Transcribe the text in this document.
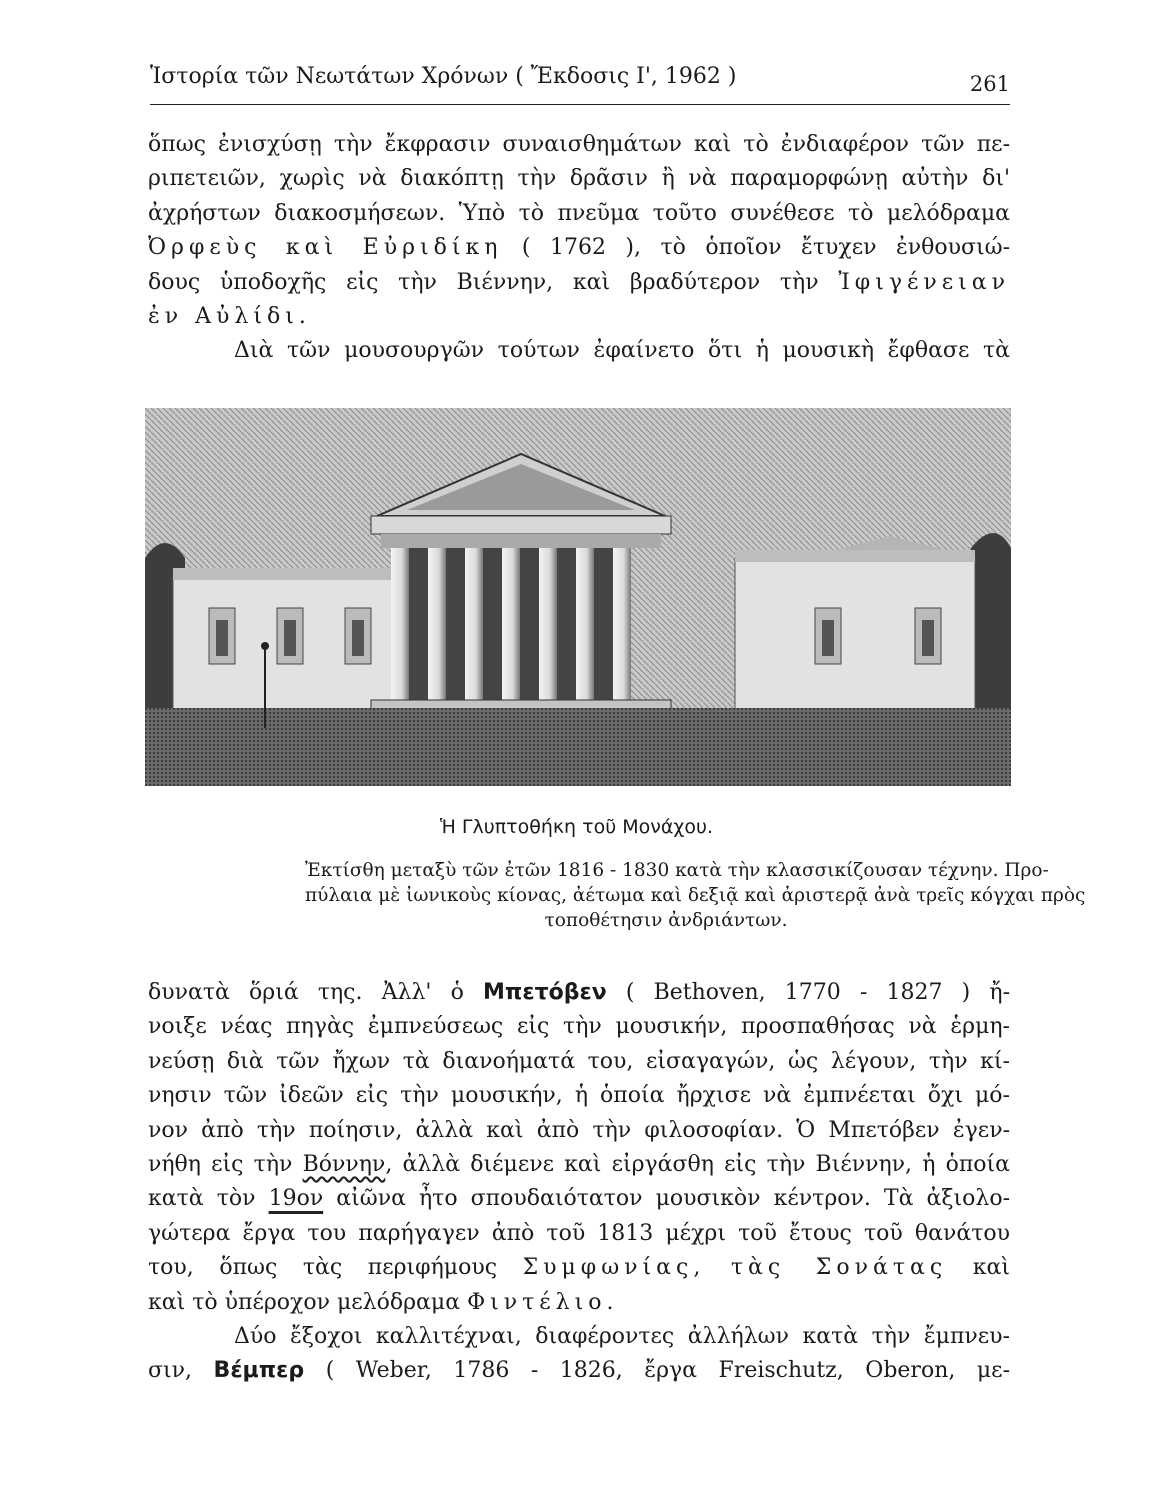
Ἱστορία τῶν Νεωτάτων Χρόνων ( Ἔκδοσις Ι', 1962 )	261
ὅπως ἐνισχύσῃ τὴν ἔκφρασιν συναισθημάτων καὶ τὸ ἐνδιαφέρον τῶν πε-
ριπετειῶν, χωρὶς νὰ διακόπτῃ τὴν δρᾶσιν ἢ νὰ παραμορφώνῃ αὐτὴν δι'
ἀχρήστων διακοσμήσεων. Ὑπὸ τὸ πνεῦμα τοῦτο συνέθεσε τὸ μελόδραμα
Ὀρφεὺς καὶ Εὐριδίκη ( 1762 ), τὸ ὁποῖον ἔτυχεν ἐνθουσιώ-
δους ὑποδοχῆς εἰς τὴν Βιέννην, καὶ βραδύτερον τὴν Ἰφιγένειαν
ἐν Αὐλίδι.
Διὰ τῶν μουσουργῶν τούτων ἐφαίνετο ὅτι ἡ μουσικὴ ἔφθασε τὰ
Ἡ Γλυπτοθήκη τοῦ Μονάχου.
Ἐκτίσθη μεταξὺ τῶν ἐτῶν 1816 - 1830 κατὰ τὴν κλασσικίζουσαν τέχνην. Προ-
πύλαια μὲ ἰωνικοὺς κίονας, ἀέτωμα καὶ δεξιᾷ καὶ ἀριστερᾷ ἀνὰ τρεῖς κόγχαι πρὸς
τοποθέτησιν ἀνδριάντων.
δυνατὰ ὅριά της. Ἀλλ' ὁ Μπετόβεν ( Bethoven, 1770 - 1827 ) ἤ-
νοιξε νέας πηγὰς ἐμπνεύσεως εἰς τὴν μουσικήν, προσπαθήσας νὰ ἑρμη-
νεύσῃ διὰ τῶν ἤχων τὰ διανοήματά του, εἰσαγαγών, ὡς λέγουν, τὴν κί-
νησιν τῶν ἰδεῶν εἰς τὴν μουσικήν, ἡ ὁποία ἤρχισε νὰ ἐμπνέεται ὄχι μό-
νον ἀπὸ τὴν ποίησιν, ἀλλὰ καὶ ἀπὸ τὴν φιλοσοφίαν. Ὁ Μπετόβεν ἐγεν-
νήθη εἰς τὴν Βόννην, ἀλλὰ διέμενε καὶ εἰργάσθη εἰς τὴν Βιέννην, ἡ ὁποία
κατὰ τὸν 19ον αἰῶνα ἦτο σπουδαιότατον μουσικὸν κέντρον. Τὰ ἀξιολο-
γώτερα ἔργα του παρήγαγεν ἀπὸ τοῦ 1813 μέχρι τοῦ ἔτους τοῦ θανάτου
του, ὅπως τὰς περιφήμους Συμφωνίας, τὰς Σονάτας καὶ
καὶ τὸ ὑπέροχον μελόδραμα Φιντέλιο.
Δύο ἔξοχοι καλλιτέχναι, διαφέροντες ἀλλήλων κατὰ τὴν ἔμπνευ-
σιν, Βέμπερ ( Weber, 1786 - 1826, ἔργα Freischutz, Oberon, με-
